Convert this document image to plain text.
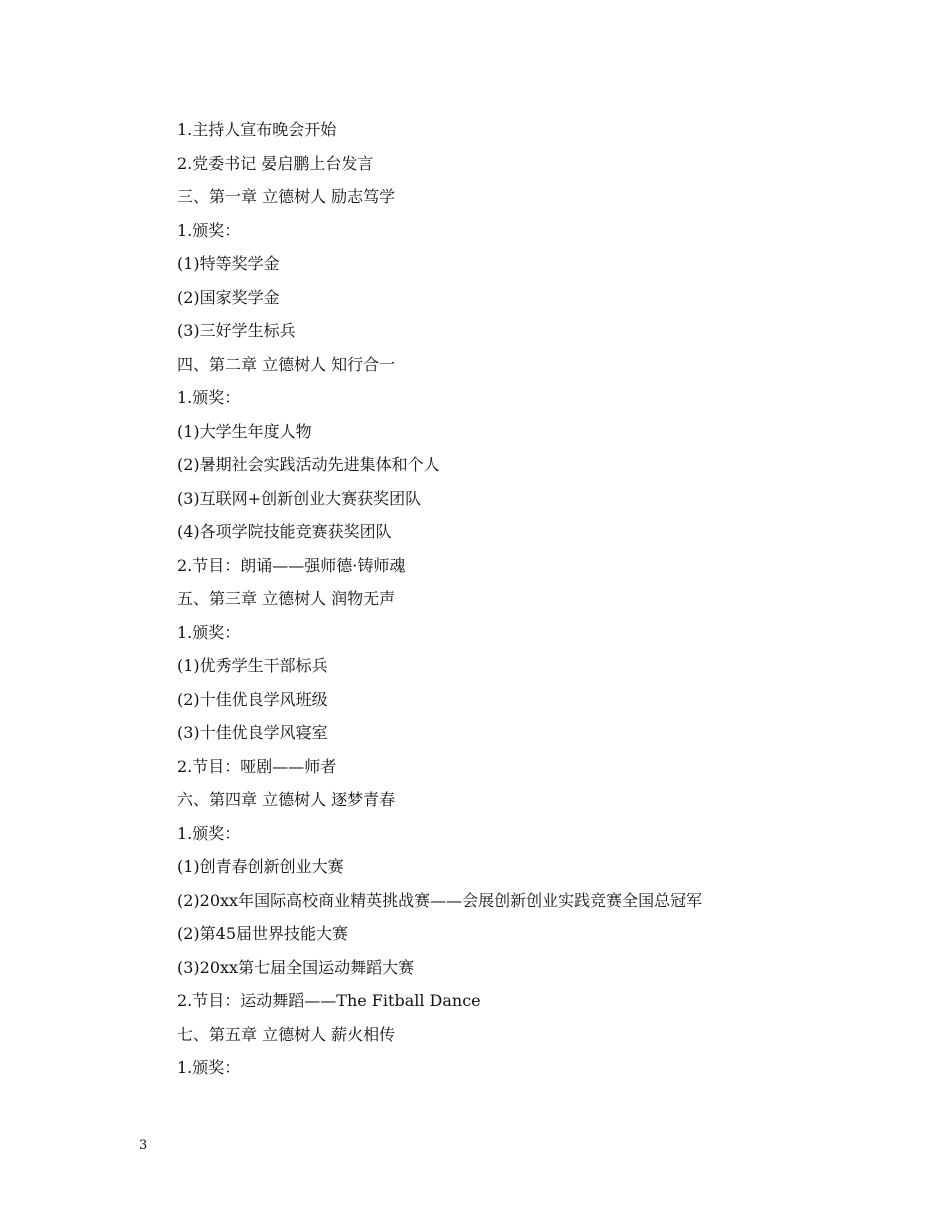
1.主持人宣布晚会开始
2.党委书记 晏启鹏上台发言
三、第一章 立德树人 励志笃学
1.颁奖：
(1)特等奖学金
(2)国家奖学金
(3)三好学生标兵
四、第二章 立德树人 知行合一
1.颁奖：
(1)大学生年度人物
(2)暑期社会实践活动先进集体和个人
(3)互联网+创新创业大赛获奖团队
(4)各项学院技能竞赛获奖团队
2.节目：朗诵——强师德·铸师魂
五、第三章 立德树人 润物无声
1.颁奖：
(1)优秀学生干部标兵
(2)十佳优良学风班级
(3)十佳优良学风寝室
2.节目：哑剧——师者
六、第四章 立德树人 逐梦青春
1.颁奖：
(1)创青春创新创业大赛
(2)20xx年国际高校商业精英挑战赛——会展创新创业实践竞赛全国总冠军
(2)第45届世界技能大赛
(3)20xx第七届全国运动舞蹈大赛
2.节目：运动舞蹈——The Fitball Dance
七、第五章 立德树人 薪火相传
1.颁奖：
3
